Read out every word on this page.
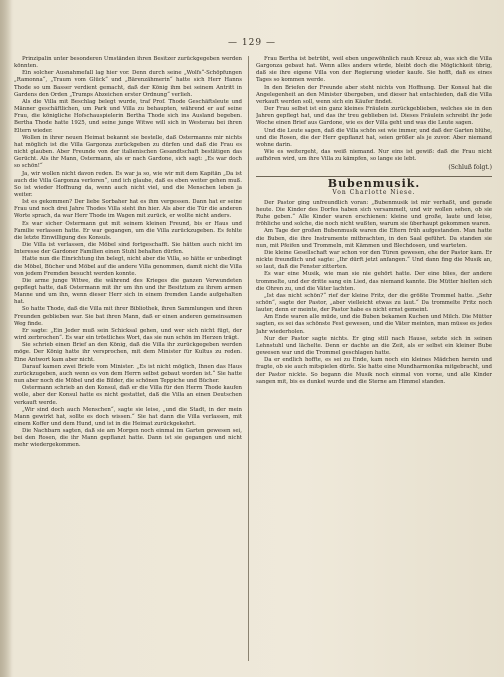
— 129 —

Prinzipalin unter besonderen Umständen ihren Besitzer zurückgegeben werden könnten.

Ein solcher Ausnahmefall lag hier vor. Denn durch seine „Wolfs“-Schöpfungen „Ramonna“, „Traum vom Glück“ und „Bärenzähmerin“ hatte sich Herr Hanns Thode so um Basser verdient gemacht, daß der König ihm bei seinem Antritt in Gardens den Orden „Trumps Abzeichen erster Ordnung“ verlieh.

Als die Villa mit Beschlag belegt wurde, traf Prof. Thode Geschäftsleute und Männer geschäftlichen, um Park und Villa zu behaupten, während er auf seine Frau, die königliche Hofschauspielerin Bertha Thode sich ins Ausland begeben. Bertha Thode hatte 1925, und seine junge Witwe will sich in Westerau bei ihren Eltern wieder.

Wollen in ihrer neuen Heimat bekannt sie bestelle, daß Ostermanns mir nichts hat möglich ist die Villa Gargonza zurückgeben zu dürfen und daß die Frau es nicht glauben. Aber Freunde von der italienischen Gesandtschaft bestätigen das Gerücht. Als ihr Mann, Ostermann, als er nach Gardone, sich sagt: „Es war doch so schön!“

Ja, wir wollen nicht davon reden. Es war ja so, wie wir mit dem Kapitän „Da ist auch die Villa Gargonza verloren“, und ich glaube, daß es eben weiter gehen muß. So ist wieder Hoffnung da, wenn auch nicht viel, und die Menschen leben ja weiter.

Ist es gekommen? Der liebe Sorbaher hat es ihm vergessen. Dann hat er seine Frau und noch drei Jahre Thodes Villa sieht ihn hier. Als aber die Tür die anderen Worte sprach, da war Herr Thode im Wagen mit zurück, er wollte nicht anders.

Es war sicher Ostermann gut mit seinem kleinen Freund, bis er Haus und Familie verlassen hatte. Er war gegangen, um die Villa zurückzugeben. Es fehlte die letzte Einwilligung des Konsuls.

Die Villa ist verlassen, die Möbel sind fortgeschafft. Sie hätten auch nicht im Interesse der Gardoner Familien einen Stuhl behalten dürfen.

Hatte nun die Einrichtung ihn belegt, nicht aber die Villa, so hätte er unbedingt die Möbel, Bücher und Möbel auf die andere Villa genommen, damit nicht die Villa von jedem Fremden besucht werden konnte.

Die arme junge Witwe, die während des Krieges die ganzen Verwundeten gepflegt hatte, daß Ostermann mit ihr um ihn und ihr Besitztum zu ihrem armen Manne und um ihn, wenn dieser Herr sich in einem fremden Lande aufgehalten hat.

So hatte Thode, daß die Villa mit ihrer Bibliothek, ihren Sammlungen und ihren Freunden geblieben war. Sie bat ihren Mann, daß er einen anderen gemeinsamen Weg finde.

Er sagte: „Ein Jeder muß sein Schicksal gehen, und wer sich nicht fügt, der wird zerbrochen“. Es war ein tröstliches Wort, das sie nun schön im Herzen trägt.

Sie schrieb einen Brief an den König, daß die Villa ihr zurückgegeben werden möge. Der König hatte ihr versprochen, mit dem Minister für Kultus zu reden. Eine Antwort kam aber nicht.

Darauf kamen zwei Briefe vom Minister. „Es ist nicht möglich, Ihnen das Haus zurückzugeben, auch wenn es von dem Herrn selbst gebaut worden ist.“ Sie hatte nun aber noch die Möbel und die Bilder, die schönen Teppiche und Bücher.

Ostermann schrieb an den Konsul, daß er die Villa für den Herrn Thode kaufen wolle, aber der Konsul hatte es nicht gestattet, daß die Villa an einen Deutschen verkauft werde.

„Wir sind doch auch Menschen“, sagte sie leise, „und die Stadt, in der mein Mann gewirkt hat, sollte es doch wissen.“ Sie hat dann die Villa verlassen, mit einem Koffer und dem Hund, und ist in die Heimat zurückgekehrt.

Die Nachbarn sagten, daß sie am Morgen noch einmal im Garten gewesen sei, bei den Rosen, die ihr Mann gepflanzt hatte. Dann ist sie gegangen und nicht mehr wiedergekommen.

Frau Bertha ist betrübt, weil eben ungewöhnlich rauh Kreuz ab, was sich die Villa Gargonza gebaut hat. Wenn alles anders würde, bleibt doch die Möglichkeit übrig, daß sie ihre eigene Villa von der Regierung wieder kaufe. Sie hofft, daß es eines Tages so kommen werde.

In den Briefen der Freunde aber steht nichts von Hoffnung. Der Konsul hat die Angelegenheit an den Minister übergeben, und dieser hat entschieden, daß die Villa verkauft werden soll, wenn sich ein Käufer findet.

Der Frau selbst ist ein ganz kleines Fräulein zurückgeblieben, welches sie in den Jahren gepflegt hat, und das ihr treu geblieben ist. Dieses Fräulein schreibt ihr jede Woche einen Brief aus Gardone, wie es der Villa geht und was die Leute sagen.

Und die Leute sagen, daß die Villa schön sei wie immer, und daß der Garten blühe, und die Rosen, die der Herr gepflanzt hat, seien größer als je zuvor. Aber niemand wohne darin.

Wie es weitergeht, das weiß niemand. Nur eins ist gewiß: daß die Frau nicht aufhören wird, um ihre Villa zu kämpfen, so lange sie lebt.

(Schluß folgt.)
Bubenmusik.
Von Charlotte Niese.

Der Pastor ging unfreundlich voran: „Bubenmusik ist mir verhaßt, und gerade heute. Die Kinder des Dorfes haben sich versammelt, und wir wollen sehen, ob sie Ruhe geben.“ Alle Kinder waren erschienen: kleine und große, laute und leise, fröhliche und solche, die noch nicht wußten, warum sie überhaupt gekommen waren.

Am Tage der großen Bubenmusik waren die Eltern früh aufgestanden. Man hatte die Buben, die ihre Instrumente mitbrachten, in den Saal geführt. Da standen sie nun, mit Pfeifen und Trommeln, mit Kämmen und Blechdosen, und warteten.

Die kleine Gesellschaft war schon vor den Türen gewesen, ehe der Pastor kam. Er nickte freundlich und sagte: „Ihr dürft jetzt anfangen.“ Und dann fing die Musik an, so laut, daß die Fenster zitterten.

Es war eine Musik, wie man sie nie gehört hatte. Der eine blies, der andere trommelte, und der dritte sang ein Lied, das niemand kannte. Die Mütter hielten sich die Ohren zu, und die Väter lachten.

„Ist das nicht schön?“ rief der kleine Fritz, der die größte Trommel hatte. „Sehr schön“, sagte der Pastor, „aber vielleicht etwas zu laut.“ Da trommelte Fritz noch lauter, denn er meinte, der Pastor habe es nicht ernst gemeint.

Am Ende waren alle müde, und die Buben bekamen Kuchen und Milch. Die Mütter sagten, es sei das schönste Fest gewesen, und die Väter meinten, man müsse es jedes Jahr wiederholen.

Nur der Pastor sagte nichts. Er ging still nach Hause, setzte sich in seinen Lehnstuhl und lächelte. Denn er dachte an die Zeit, als er selbst ein kleiner Bube gewesen war und die Trommel geschlagen hatte.

Da er endlich hoffte, es sei zu Ende, kam noch ein kleines Mädchen herein und fragte, ob sie auch mitspielen dürfe. Sie hatte eine Mundharmonika mitgebracht, und der Pastor nickte. So begann die Musik noch einmal von vorne, und alle Kinder sangen mit, bis es dunkel wurde und die Sterne am Himmel standen.
